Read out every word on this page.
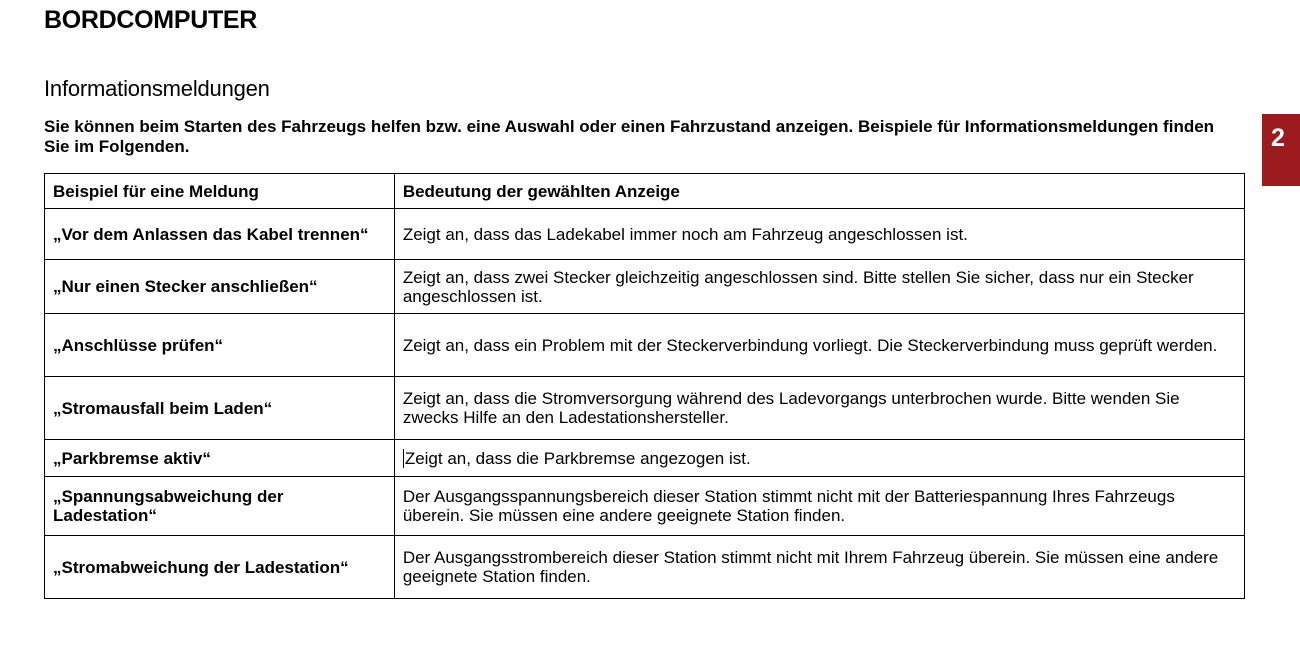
BORDCOMPUTER
2
Informationsmeldungen

Sie können beim Starten des Fahrzeugs helfen bzw. eine Auswahl oder einen Fahrzustand anzeigen. Beispiele für Informationsmeldungen finden Sie im Folgenden.

Beispiel für eine Meldung	Bedeutung der gewählten Anzeige
„Vor dem Anlassen das Kabel trennen“	Zeigt an, dass das Ladekabel immer noch am Fahrzeug angeschlossen ist.
„Nur einen Stecker anschließen“	Zeigt an, dass zwei Stecker gleichzeitig angeschlossen sind. Bitte stellen Sie sicher, dass nur ein Stecker angeschlossen ist.
„Anschlüsse prüfen“	Zeigt an, dass ein Problem mit der Steckerverbindung vorliegt. Die Steckerverbindung muss geprüft werden.
„Stromausfall beim Laden“	Zeigt an, dass die Stromversorgung während des Ladevorgangs unterbrochen wurde. Bitte wenden Sie zwecks Hilfe an den Ladestationshersteller.
„Parkbremse aktiv“	Zeigt an, dass die Parkbremse angezogen ist.
„Spannungsabweichung der Ladestation“	Der Ausgangsspannungsbereich dieser Station stimmt nicht mit der Batteriespannung Ihres Fahrzeugs überein. Sie müssen eine andere geeignete Station finden.
„Stromabweichung der Ladestation“	Der Ausgangsstrombereich dieser Station stimmt nicht mit Ihrem Fahrzeug überein. Sie müssen eine andere geeignete Station finden.
